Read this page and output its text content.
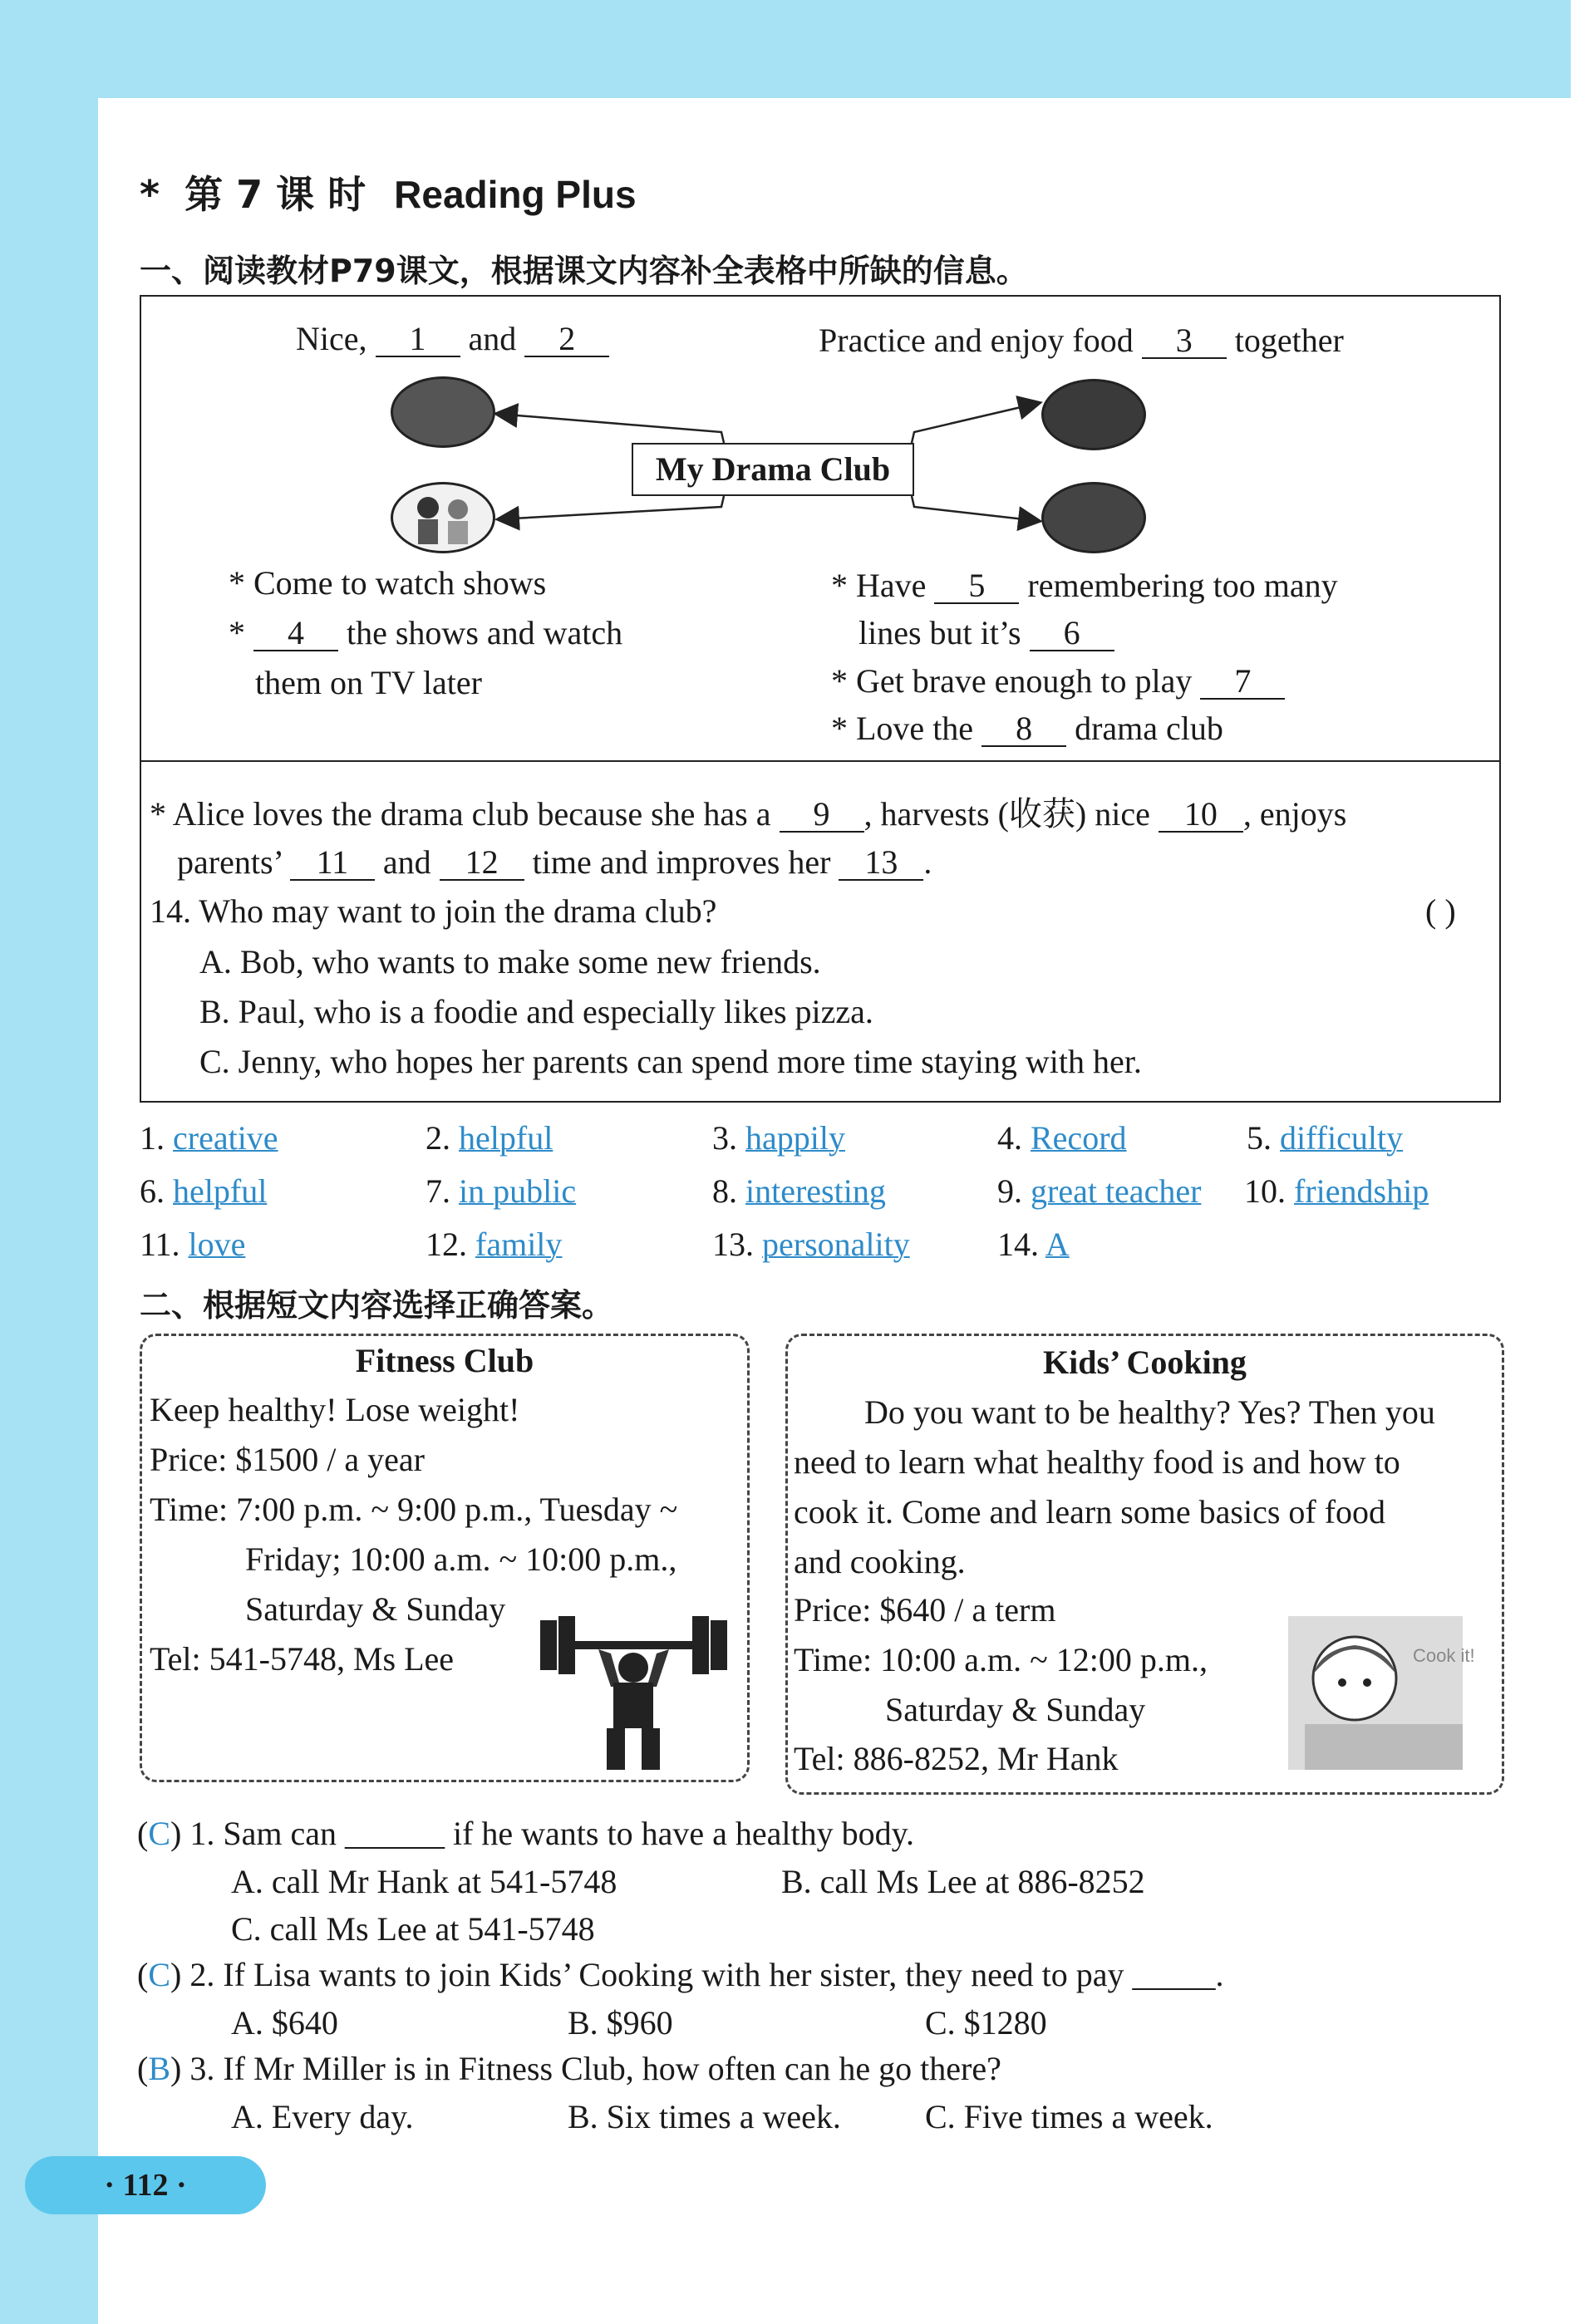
* 第 7 课 时 Reading Plus
一、阅读教材P79课文，根据课文内容补全表格中所缺的信息。
My Drama Club
Nice, 1 and 2	Practice and enjoy food 3 together
* Come to watch shows
* 4 the shows and watch
them on TV later
* Have 5 remembering too many
lines but it’s 6
* Get brave enough to play 7
* Love the 8 drama club
* Alice loves the drama club because she has a 9 , harvests (收获) nice 10 , enjoys
parents’ 11 and 12 time and improves her 13 .
14. Who may want to join the drama club?	( )
A. Bob, who wants to make some new friends.
B. Paul, who is a foodie and especially likes pizza.
C. Jenny, who hopes her parents can spend more time staying with her.
1. creative	2. helpful	3. happily	4. Record	5. difficulty
6. helpful	7. in public	8. interesting	9. great teacher 10. friendship
11. love	12. family	13. personality	14. A
二、根据短文内容选择正确答案。
Fitness Club
Keep healthy! Lose weight!
Price: $1500 / a year
Time: 7:00 p.m. ~ 9:00 p.m., Tuesday ~
Friday; 10:00 a.m. ~ 10:00 p.m.,
Saturday & Sunday
Tel: 541-5748, Ms Lee
Kids’ Cooking
Do you want to be healthy? Yes? Then you
need to learn what healthy food is and how to
cook it. Come and learn some basics of food
and cooking.
Price: $640 / a term
Time: 10:00 a.m. ~ 12:00 p.m.,
Saturday & Sunday
Tel: 886-8252, Mr Hank
Cook it!
(C) 1. Sam can ______ if he wants to have a healthy body.
A. call Mr Hank at 541-5748	B. call Ms Lee at 886-8252
C. call Ms Lee at 541-5748
(C) 2. If Lisa wants to join Kids’ Cooking with her sister, they need to pay _____.
A. $640	B. $960	C. $1280
(B) 3. If Mr Miller is in Fitness Club, how often can he go there?
A. Every day.	B. Six times a week.	C. Five times a week.
· 112 ·
